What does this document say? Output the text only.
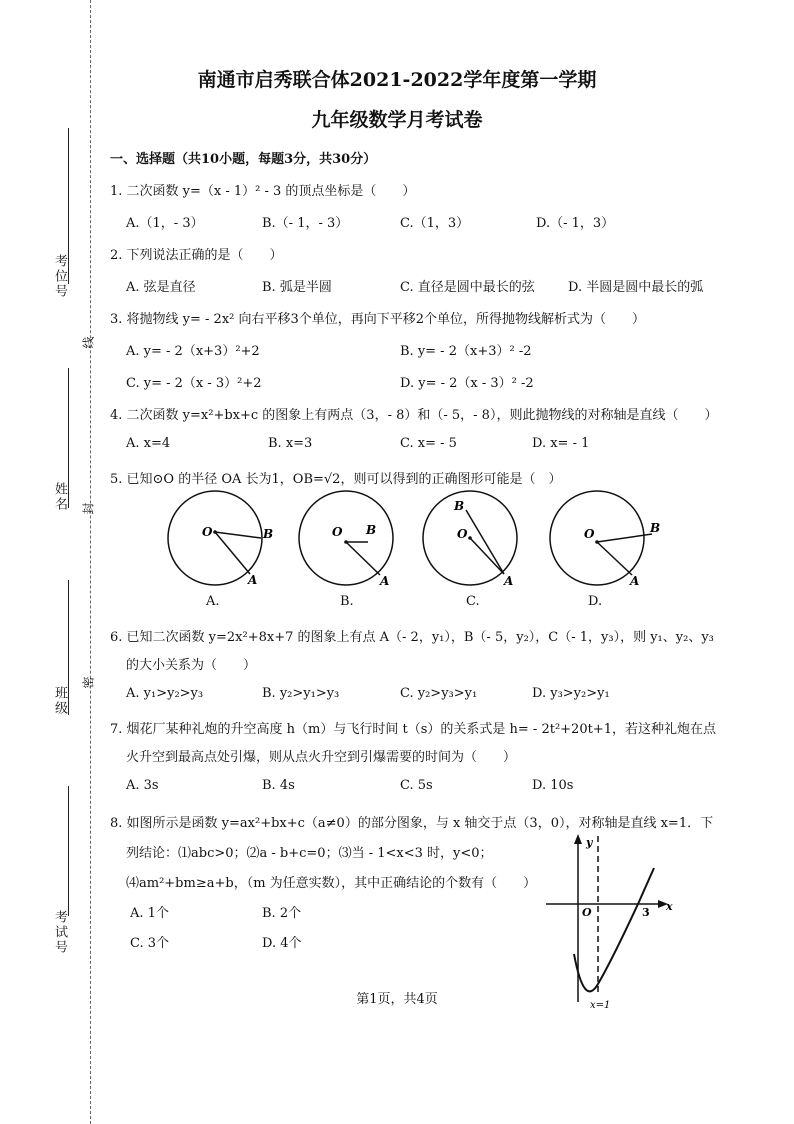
考位号
姓名
班级
考试号
线
封
密
南通市启秀联合体2021-2022学年度第一学期
九年级数学月考试卷
一、选择题（共10小题，每题3分，共30分）
1. 二次函数 y=（x - 1）² - 3 的顶点坐标是（　　）
A.（1，- 3）	B.（- 1，- 3）	C.（1，3）	D.（- 1，3）
2. 下列说法正确的是（　　）
A. 弦是直径	B. 弧是半圆	C. 直径是圆中最长的弦	D. 半圆是圆中最长的弧
3. 将抛物线 y= - 2x² 向右平移3个单位，再向下平移2个单位，所得抛物线解析式为（　　）
A. y= - 2（x+3）²+2	B. y= - 2（x+3）² -2
C. y= - 2（x - 3）²+2	D. y= - 2（x - 3）² -2
4. 二次函数 y=x²+bx+c 的图象上有两点（3，- 8）和（- 5，- 8），则此抛物线的对称轴是直线（　　）
A. x=4	B. x=3	C. x= - 5	D. x= - 1
5. 已知⊙O 的半径 OA 长为1，OB=√2，则可以得到的正确图形可能是（　）
O	B
A
O B
A
O
B
A
O	B
A
A.	B.	C.	D.
6. 已知二次函数 y=2x²+8x+7 的图象上有点 A（- 2，y₁），B（- 5，y₂），C（- 1，y₃），则 y₁、y₂、y₃
的大小关系为（　　）
A. y₁>y₂>y₃	B. y₂>y₁>y₃	C. y₂>y₃>y₁	D. y₃>y₂>y₁
7. 烟花厂某种礼炮的升空高度 h（m）与飞行时间 t（s）的关系式是 h= - 2t²+20t+1，若这种礼炮在点
火升空到最高点处引爆，则从点火升空到引爆需要的时间为（　　）
A. 3s	B. 4s	C. 5s	D. 10s
8. 如图所示是函数 y=ax²+bx+c（a≠0）的部分图象，与 x 轴交于点（3，0），对称轴是直线 x=1．下
列结论：⑴abc>0；⑵a - b+c=0；⑶当 - 1<x<3 时，y<0；
⑷am²+bm≥a+b，（m 为任意实数），其中正确结论的个数有（　　）
A. 1个	B. 2个
C. 3个	D. 4个
y
x
O	3
x=1
第1页，共4页
